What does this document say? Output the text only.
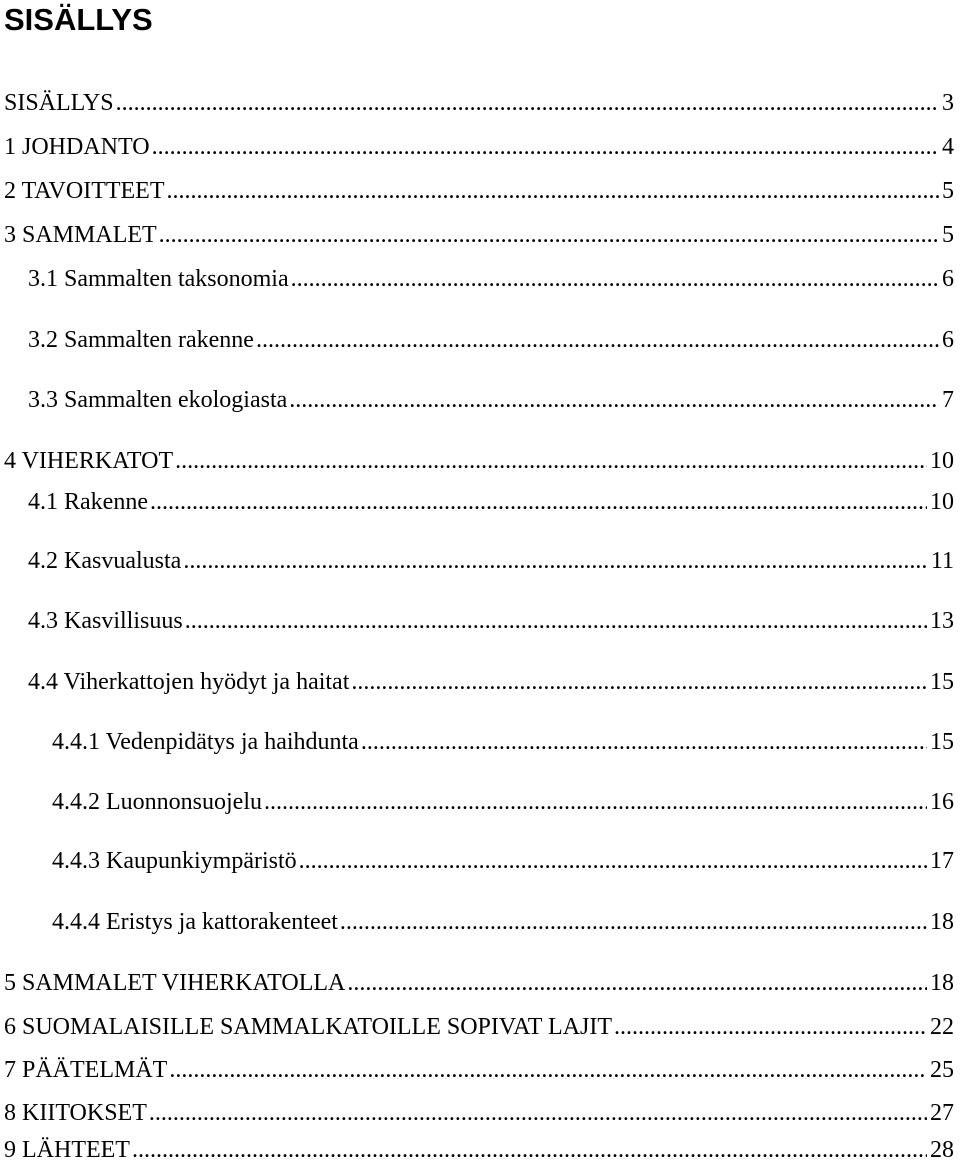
SISÄLLYS
SISÄLLYS .....	3
1 JOHDANTO .....	4
2 TAVOITTEET .....	5
3 SAMMALET .....	5
3.1 Sammalten taksonomia .....	6
3.2 Sammalten rakenne .....	6
3.3 Sammalten ekologiasta .....	7
4 VIHERKATOT .....	10
4.1 Rakenne .....	10
4.2 Kasvualusta .....	11
4.3 Kasvillisuus .....	13
4.4 Viherkattojen hyödyt ja haitat .....	15
4.4.1 Vedenpidätys ja haihdunta .....	15
4.4.2 Luonnonsuojelu .....	16
4.4.3 Kaupunkiympäristö .....	17
4.4.4 Eristys ja kattorakenteet .....	18
5 SAMMALET VIHERKATOLLA .....	18
6 SUOMALAISILLE SAMMALKATOILLE SOPIVAT LAJIT .....	22
7 PÄÄTELMÄT .....	25
8 KIITOKSET .....	27
9 LÄHTEET .....	28
